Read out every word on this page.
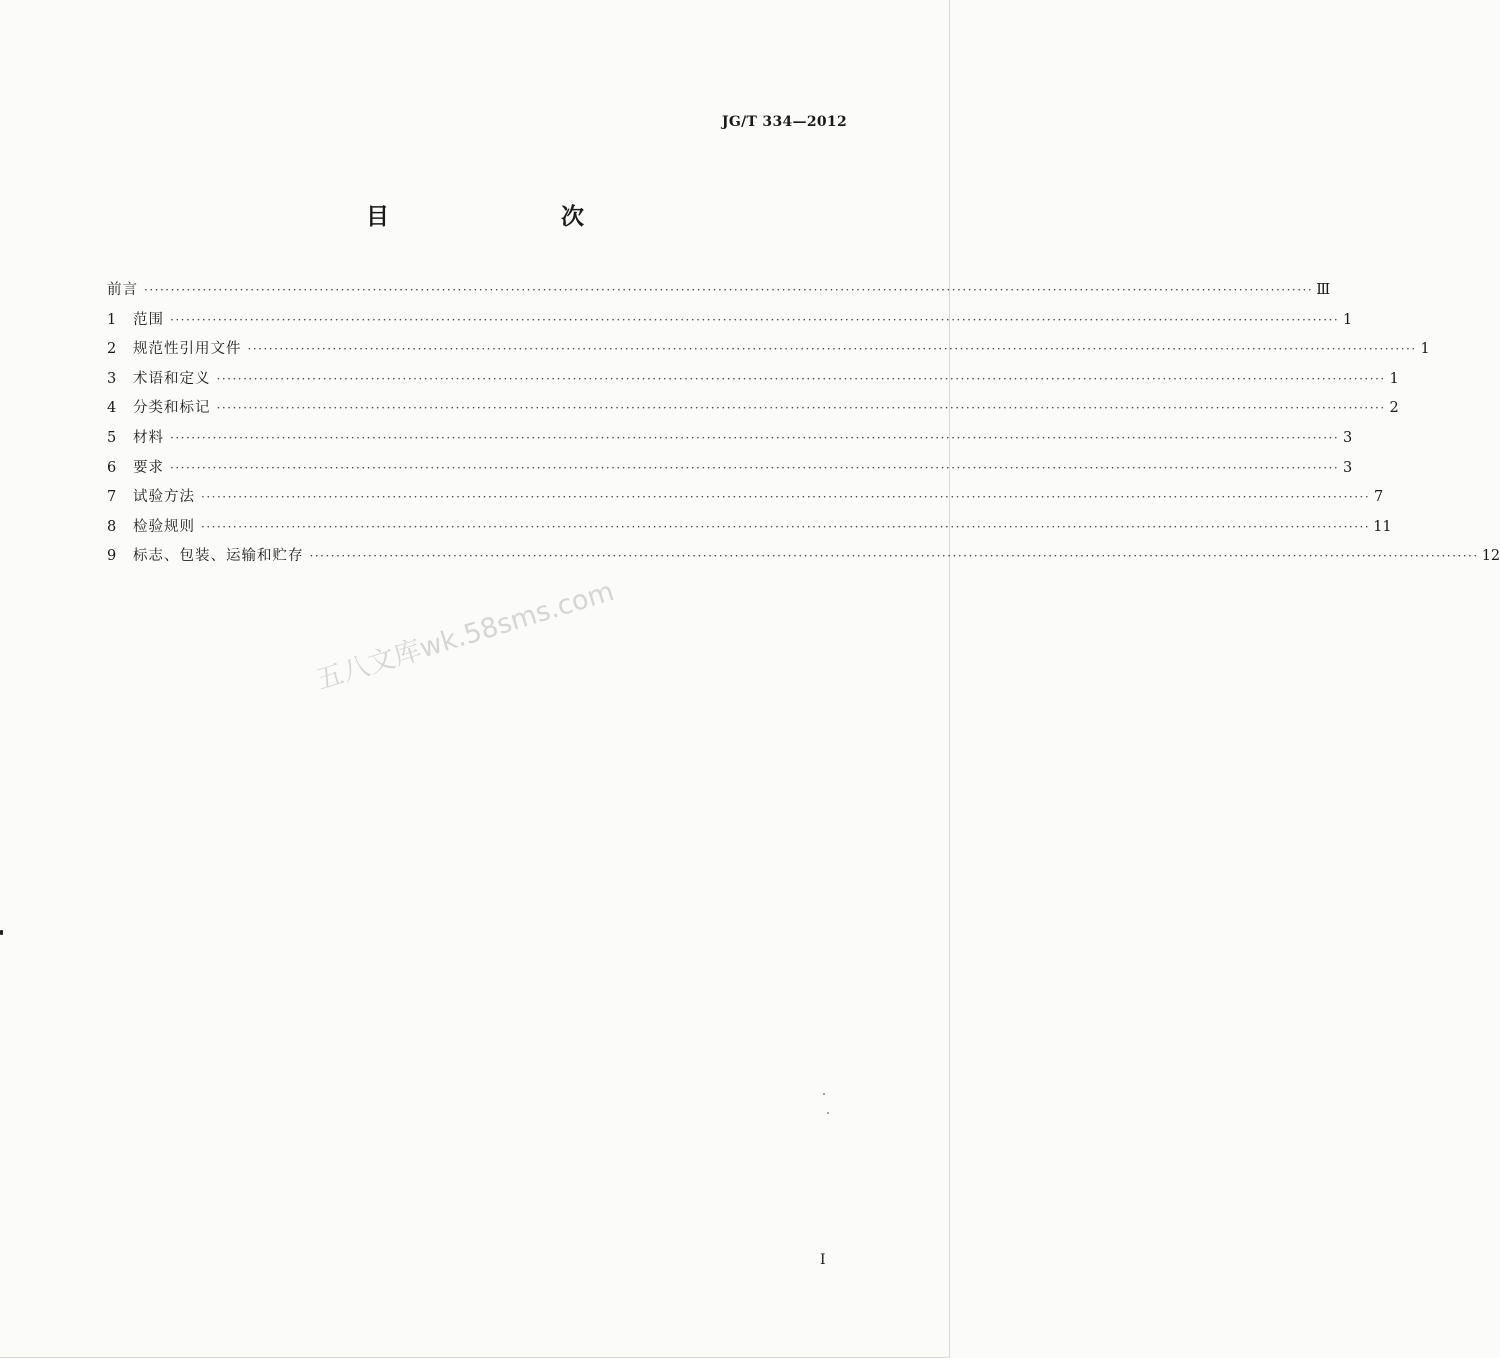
JG/T 334—2012
目　　次
前言 ···························································································································································································································· Ⅲ
1	范围 ···························································································································································································································· 1
2	规范性引用文件 ···························································································································································································································· 1
3	术语和定义 ···························································································································································································································· 1
4	分类和标记 ···························································································································································································································· 2
5	材料 ···························································································································································································································· 3
6	要求 ···························································································································································································································· 3
7	试验方法 ···························································································································································································································· 7
8	检验规则 ···························································································································································································································· 11
9	标志、包装、运输和贮存 ···························································································································································································································· 12
五八文库wk.58sms.com
I
